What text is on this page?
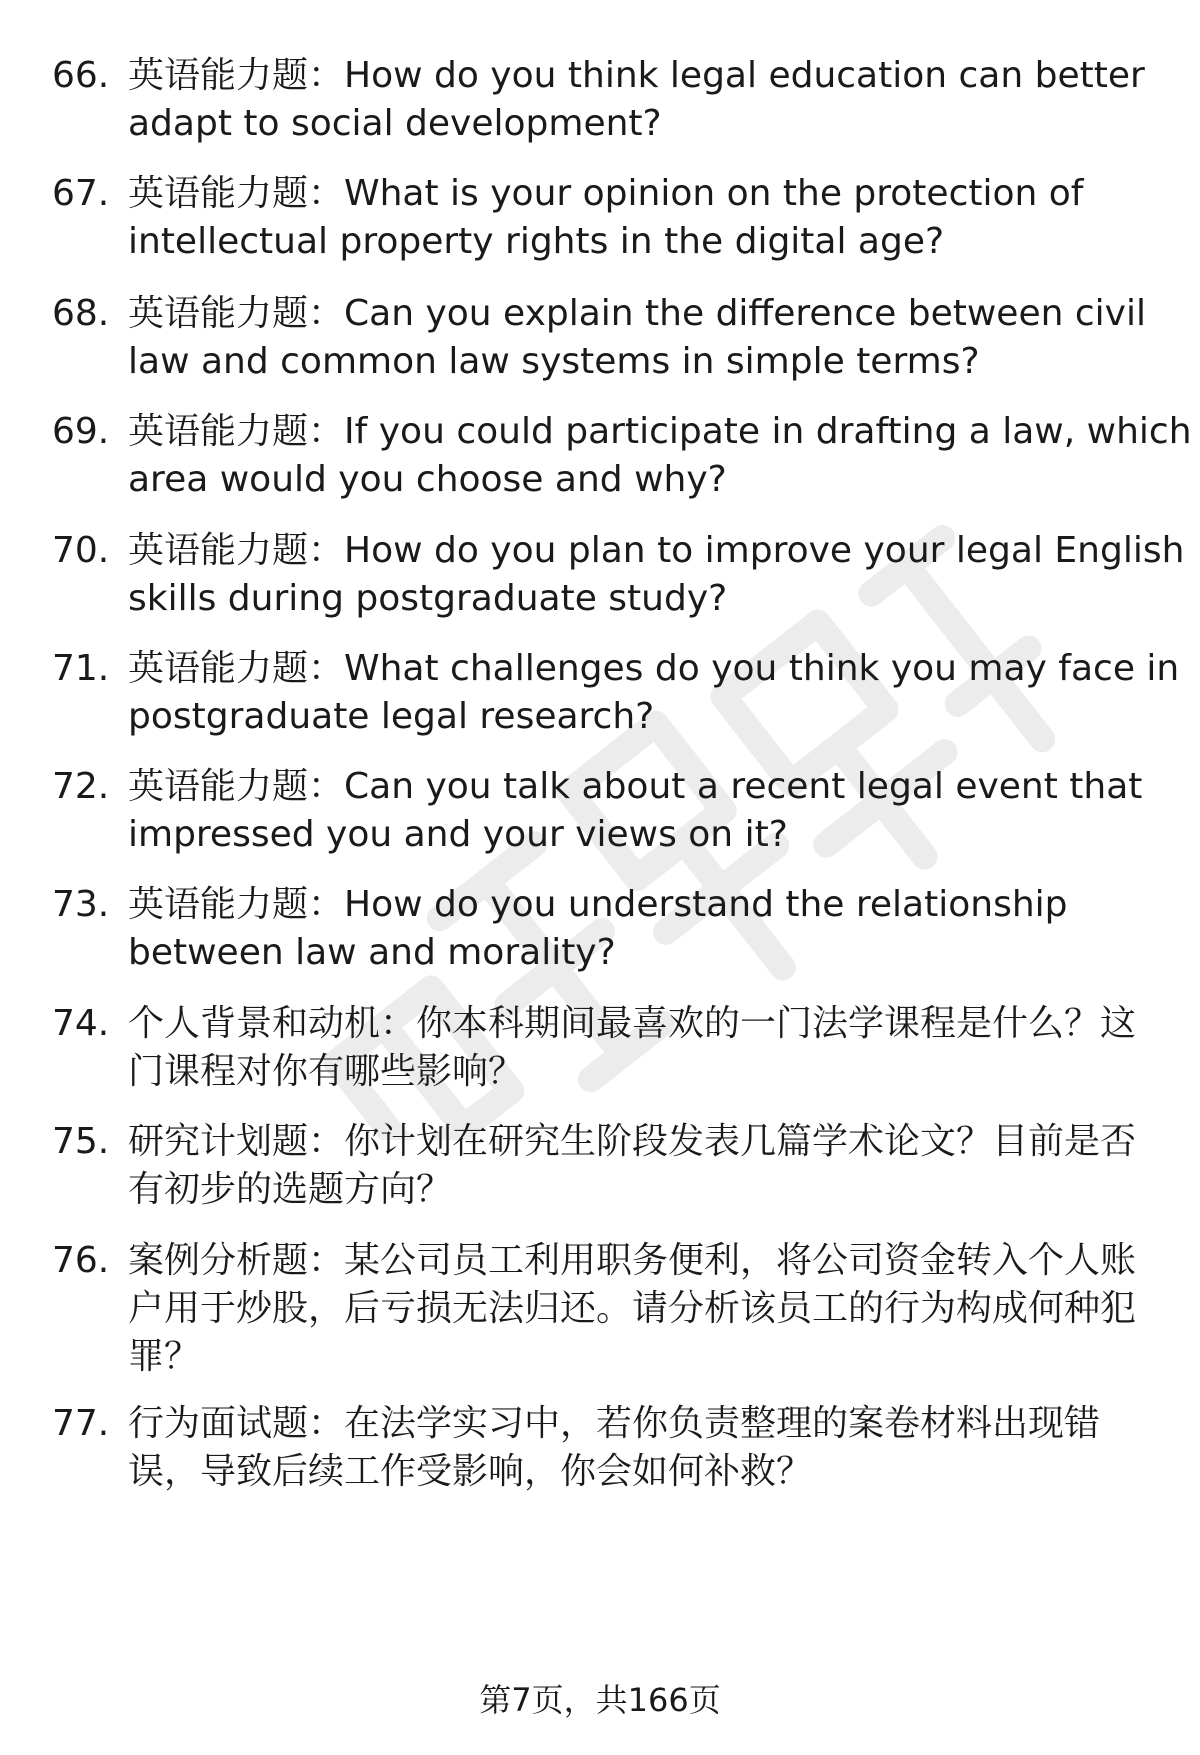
66. 英语能力题：How do you think legal education can better
adapt to social development?
67. 英语能力题：What is your opinion on the protection of
intellectual property rights in the digital age?
68. 英语能力题：Can you explain the difference between civil
law and common law systems in simple terms?
69. 英语能力题：If you could participate in drafting a law, which
area would you choose and why?
70. 英语能力题：How do you plan to improve your legal English
skills during postgraduate study?
71. 英语能力题：What challenges do you think you may face in
postgraduate legal research?
72. 英语能力题：Can you talk about a recent legal event that
impressed you and your views on it?
73. 英语能力题：How do you understand the relationship
between law and morality?
74. 个人背景和动机：你本科期间最喜欢的一门法学课程是什么？这
门课程对你有哪些影响？
75. 研究计划题：你计划在研究生阶段发表几篇学术论文？目前是否
有初步的选题方向？
76. 案例分析题：某公司员工利用职务便利，将公司资金转入个人账
户用于炒股，后亏损无法归还。请分析该员工的行为构成何种犯
罪？
77. 行为面试题：在法学实习中，若你负责整理的案卷材料出现错
误，导致后续工作受影响，你会如何补救？
第7页，共166页
